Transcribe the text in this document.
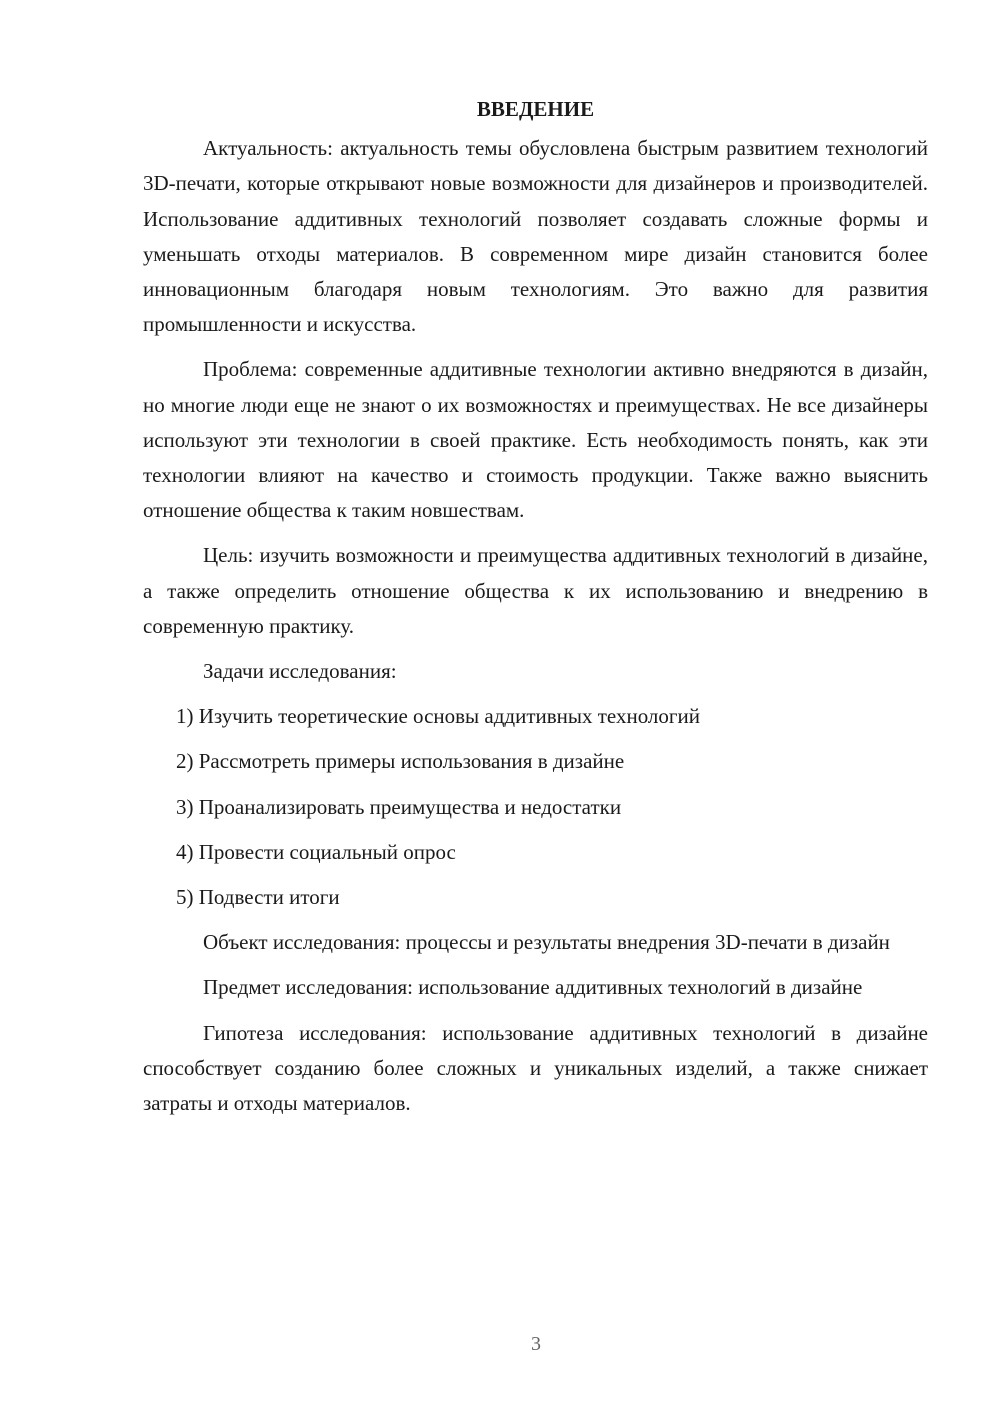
ВВЕДЕНИЕ

Актуальность: актуальность темы обусловлена быстрым развитием технологий 3D-печати, которые открывают новые возможности для дизайнеров и производителей. Использование аддитивных технологий позволяет создавать сложные формы и уменьшать отходы материалов. В современном мире дизайн становится более инновационным благодаря новым технологиям. Это важно для развития промышленности и искусства.

Проблема: современные аддитивные технологии активно внедряются в дизайн, но многие люди еще не знают о их возможностях и преимуществах. Не все дизайнеры используют эти технологии в своей практике. Есть необходимость понять, как эти технологии влияют на качество и стоимость продукции. Также важно выяснить отношение общества к таким новшествам.

Цель: изучить возможности и преимущества аддитивных технологий в дизайне, а также определить отношение общества к их использованию и внедрению в современную практику.

Задачи исследования:

1) Изучить теоретические основы аддитивных технологий
2) Рассмотреть примеры использования в дизайне
3) Проанализировать преимущества и недостатки
4) Провести социальный опрос
5) Подвести итоги

Объект исследования: процессы и результаты внедрения 3D-печати в дизайн

Предмет исследования: использование аддитивных технологий в дизайне

Гипотеза исследования: использование аддитивных технологий в дизайне способствует созданию более сложных и уникальных изделий, а также снижает затраты и отходы материалов.

3
